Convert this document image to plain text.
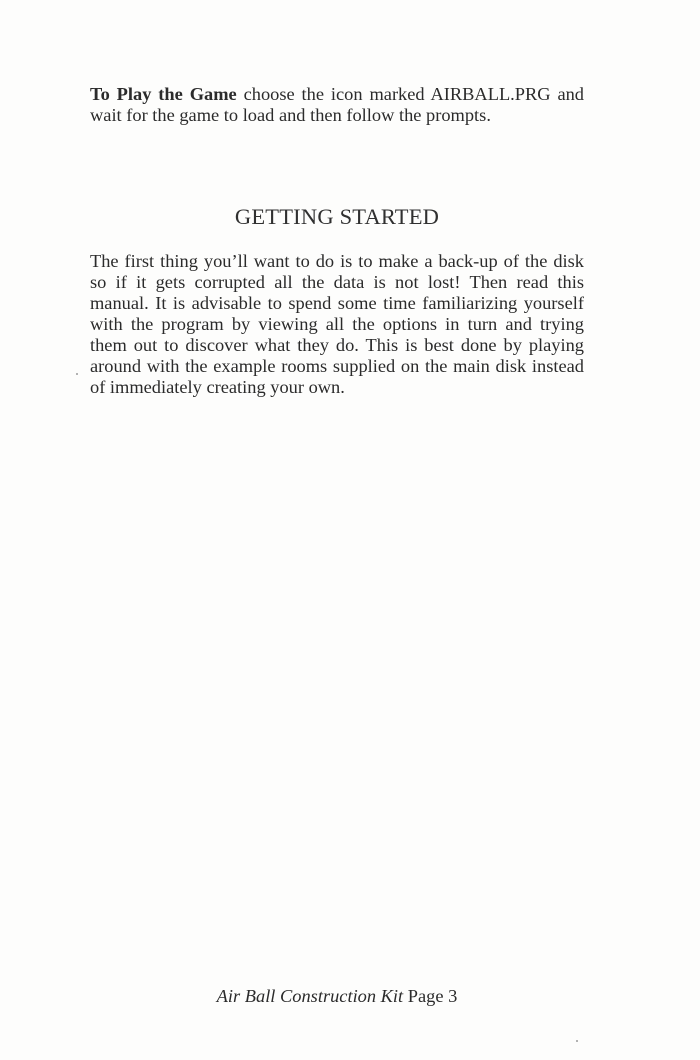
To Play the Game choose the icon marked AIRBALL.PRG and wait for the game to load and then follow the prompts.

GETTING STARTED

The first thing you’ll want to do is to make a back-up of the disk so if it gets corrupted all the data is not lost! Then read this manual. It is advisable to spend some time familiarizing yourself with the program by viewing all the options in turn and trying them out to discover what they do. This is best done by playing around with the example rooms supplied on the main disk instead of immediately creating your own.

Air Ball Construction Kit Page 3
